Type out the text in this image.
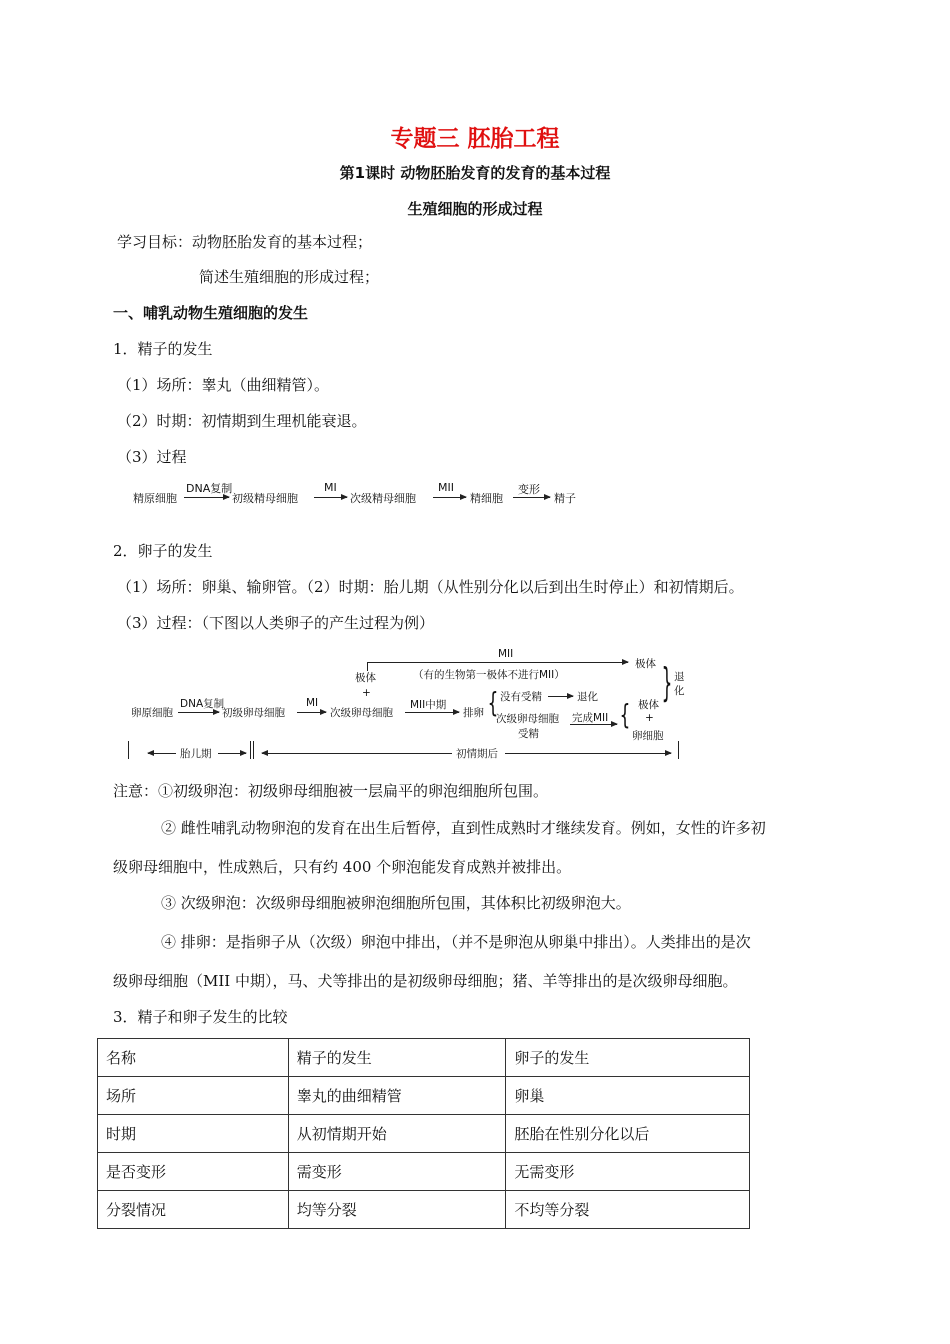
专题三 胚胎工程
第1课时 动物胚胎发育的发育的基本过程
生殖细胞的形成过程
学习目标：动物胚胎发育的基本过程；
简述生殖细胞的形成过程；
一、哺乳动物生殖细胞的发生
1．精子的发生
（1）场所：睾丸（曲细精管）。
（2）时期：初情期到生理机能衰退。
（3）过程
精原细胞
DNA复制
初级精母细胞
MI
次级精母细胞
MII
精细胞
变形
精子
2．卵子的发生
（1）场所：卵巢、输卵管。（2）时期：胎儿期（从性别分化以后到出生时停止）和初情期后。
（3）过程：（下图以人类卵子的产生过程为例）
MII
（有的生物第一极体不进行MII）
极体
极体
+
卵原细胞
DNA复制
初级卵母细胞
MI
次级卵母细胞
MII中期
排卵 { 没有受精	退化
次级卵母细胞
受精
完成MII { 极体
+
卵细胞
} 退化
胎儿期	初情期后
注意：①初级卵泡：初级卵母细胞被一层扁平的卵泡细胞所包围。
② 雌性哺乳动物卵泡的发育在出生后暂停，直到性成熟时才继续发育。例如，女性的许多初
级卵母细胞中，性成熟后，只有约 400 个卵泡能发育成熟并被排出。
③ 次级卵泡：次级卵母细胞被卵泡细胞所包围，其体积比初级卵泡大。
④ 排卵：是指卵子从（次级）卵泡中排出，（并不是卵泡从卵巢中排出）。人类排出的是次
级卵母细胞（MII 中期），马、犬等排出的是初级卵母细胞；猪、羊等排出的是次级卵母细胞。
3．精子和卵子发生的比较
名称	精子的发生	卵子的发生
场所	睾丸的曲细精管	卵巢
时期	从初情期开始	胚胎在性别分化以后
是否变形	需变形	无需变形
分裂情况	均等分裂	不均等分裂
